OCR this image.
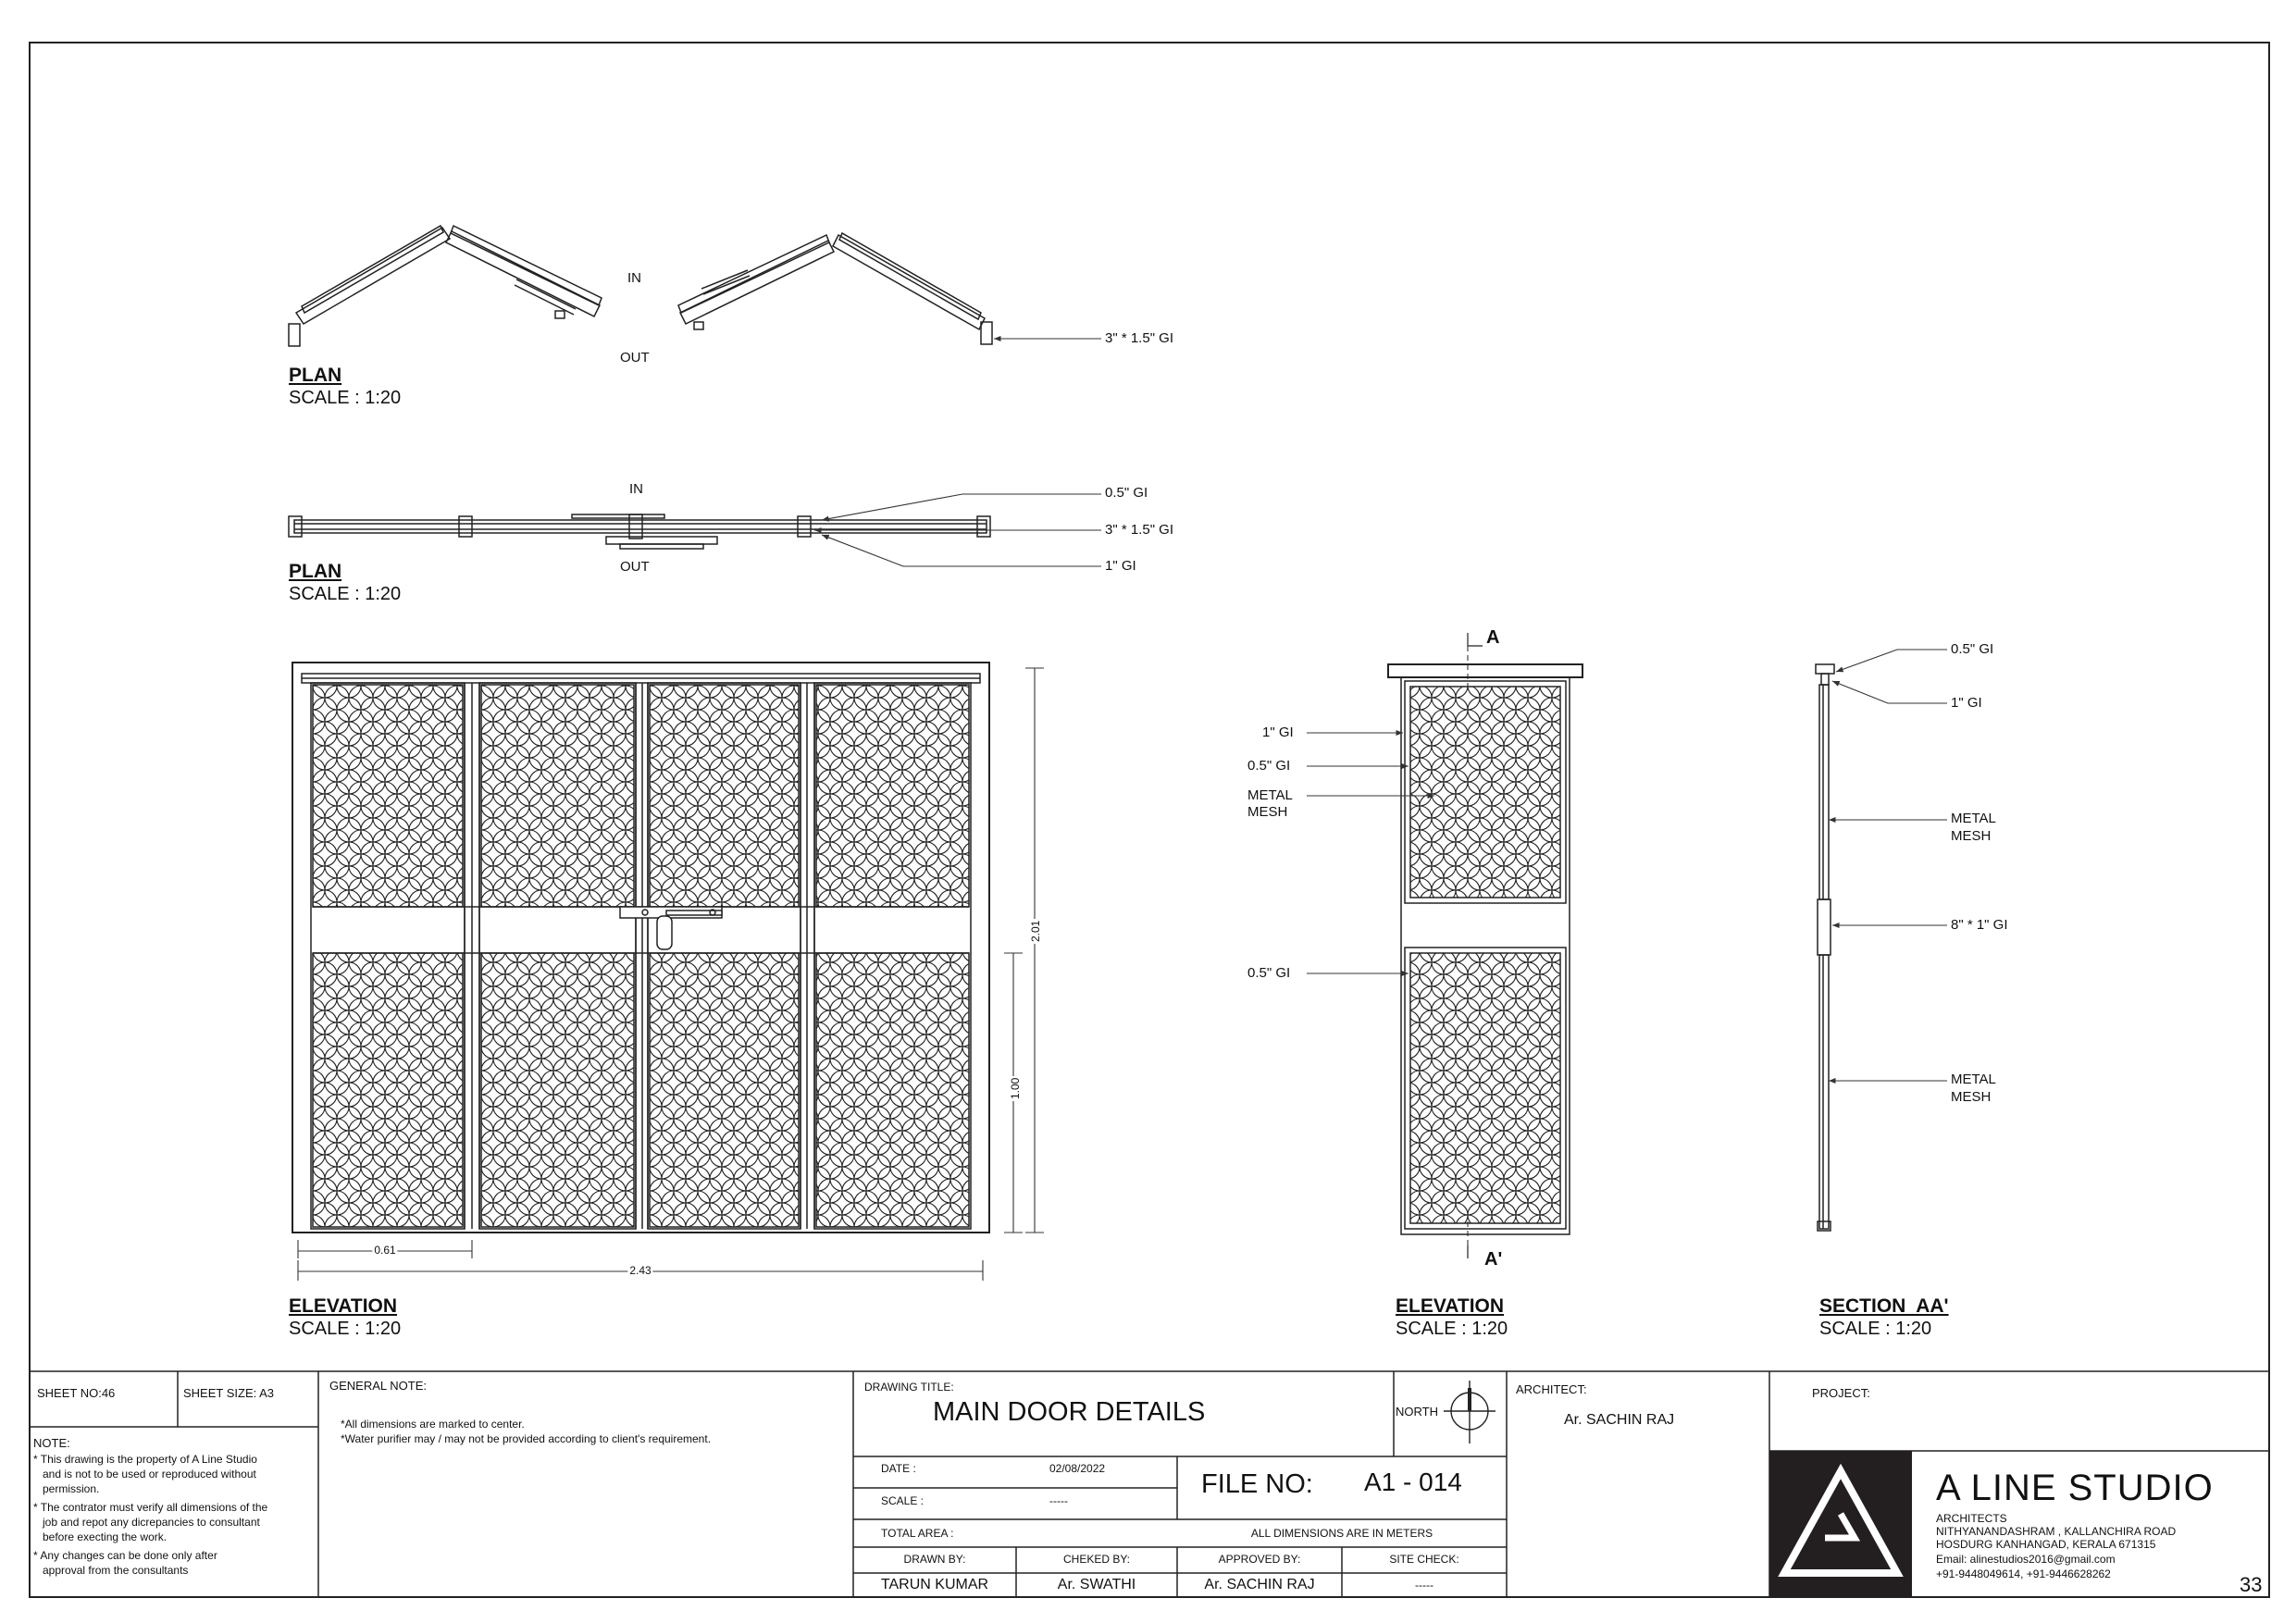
PLAN
SCALE : 1:20
IN
OUT
3" * 1.5" GI
PLAN
SCALE : 1:20
IN
OUT
0.5" GI
3" * 1.5" GI
1" GI
ELEVATION
SCALE : 1:20
0.61
2.43
2.01
1.00
ELEVATION
SCALE : 1:20
A
A'
1" GI
0.5" GI
METAL
MESH
0.5" GI
SECTION  AA'
SCALE : 1:20
0.5" GI
1" GI
METAL
MESH
8" * 1" GI
METAL
MESH
SHEET NO:46	SHEET SIZE: A3
GENERAL NOTE:
*All dimensions are marked to center.
*Water purifier may / may not be provided according to client's requirement.
NOTE:
* This drawing is the property of A Line Studio
and is not to be used or reproduced without
permission.
* The contrator must verify all dimensions of the
job and repot any dicrepancies to consultant
before execting the work.
* Any changes can be done only after
approval from the consultants
DRAWING TITLE:
MAIN DOOR DETAILS	NORTH
DATE :	02/08/2022
SCALE :	-----
TOTAL AREA :
FILE NO: A1 - 014
ALL DIMENSIONS ARE IN METERS
DRAWN BY:	CHEKED BY:	APPROVED BY:	SITE CHECK:
TARUN KUMAR	Ar. SWATHI	Ar. SACHIN RAJ	-----
ARCHITECT:
Ar. SACHIN RAJ
PROJECT:
A LINE STUDIO
ARCHITECTS
NITHYANANDASHRAM , KALLANCHIRA ROAD
HOSDURG KANHANGAD, KERALA 671315
Email: alinestudios2016@gmail.com
+91-9448049614, +91-9446628262	33
